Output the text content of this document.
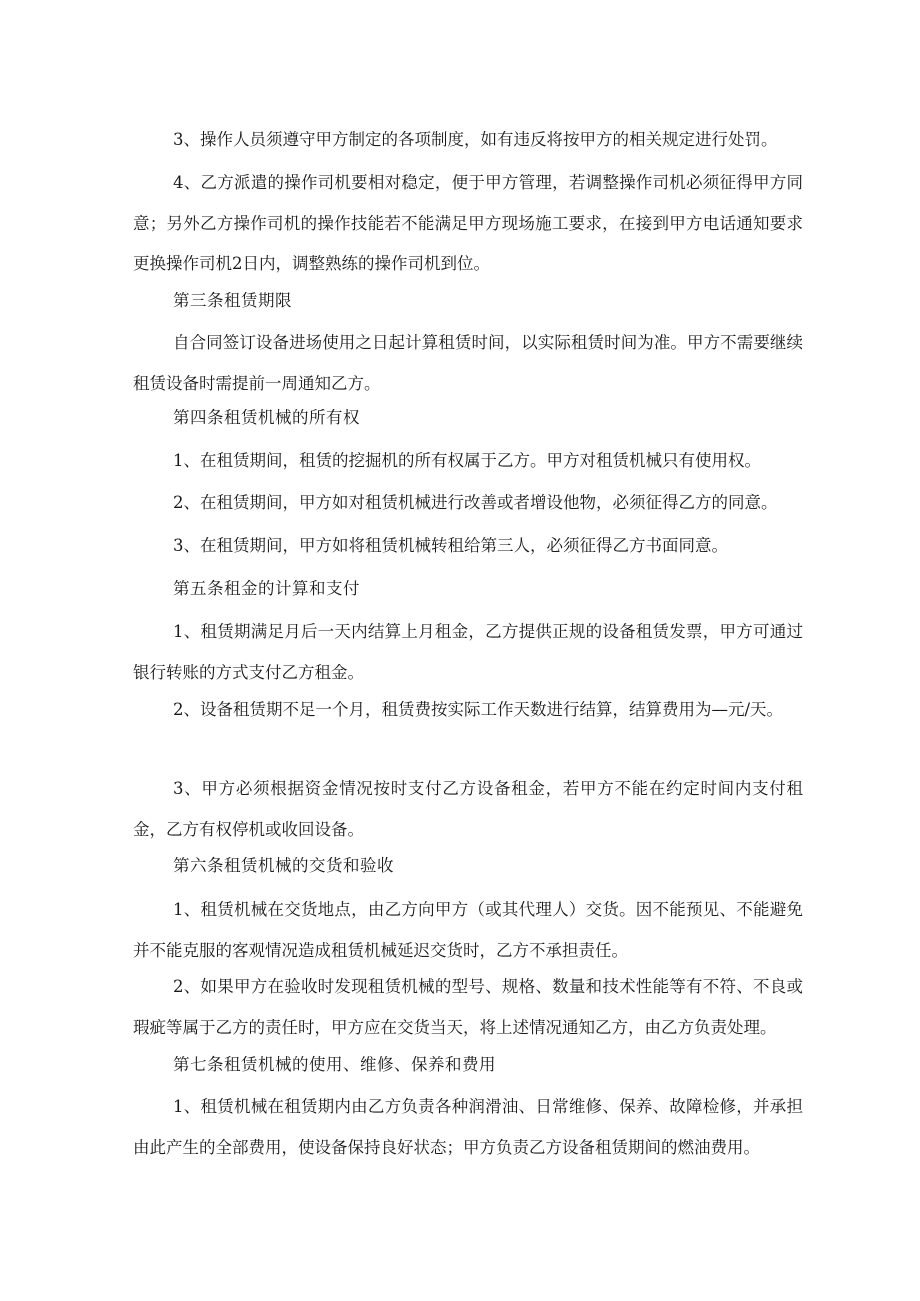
3、操作人员须遵守甲方制定的各项制度，如有违反将按甲方的相关规定进行处罚。

4、乙方派遣的操作司机要相对稳定，便于甲方管理，若调整操作司机必须征得甲方同意；另外乙方操作司机的操作技能若不能满足甲方现场施工要求，在接到甲方电话通知要求更换操作司机2日内，调整熟练的操作司机到位。

第三条租赁期限

自合同签订设备进场使用之日起计算租赁时间，以实际租赁时间为准。甲方不需要继续租赁设备时需提前一周通知乙方。

第四条租赁机械的所有权

1、在租赁期间，租赁的挖掘机的所有权属于乙方。甲方对租赁机械只有使用权。

2、在租赁期间，甲方如对租赁机械进行改善或者增设他物，必须征得乙方的同意。

3、在租赁期间，甲方如将租赁机械转租给第三人，必须征得乙方书面同意。

第五条租金的计算和支付

1、租赁期满足月后一天内结算上月租金，乙方提供正规的设备租赁发票，甲方可通过银行转账的方式支付乙方租金。

2、设备租赁期不足一个月，租赁费按实际工作天数进行结算，结算费用为—元/天。

3、甲方必须根据资金情况按时支付乙方设备租金，若甲方不能在约定时间内支付租金，乙方有权停机或收回设备。

第六条租赁机械的交货和验收

1、租赁机械在交货地点，由乙方向甲方（或其代理人）交货。因不能预见、不能避免并不能克服的客观情况造成租赁机械延迟交货时，乙方不承担责任。

2、如果甲方在验收时发现租赁机械的型号、规格、数量和技术性能等有不符、不良或瑕疵等属于乙方的责任时，甲方应在交货当天，将上述情况通知乙方，由乙方负责处理。

第七条租赁机械的使用、维修、保养和费用

1、租赁机械在租赁期内由乙方负责各种润滑油、日常维修、保养、故障检修，并承担由此产生的全部费用，使设备保持良好状态；甲方负责乙方设备租赁期间的燃油费用。
